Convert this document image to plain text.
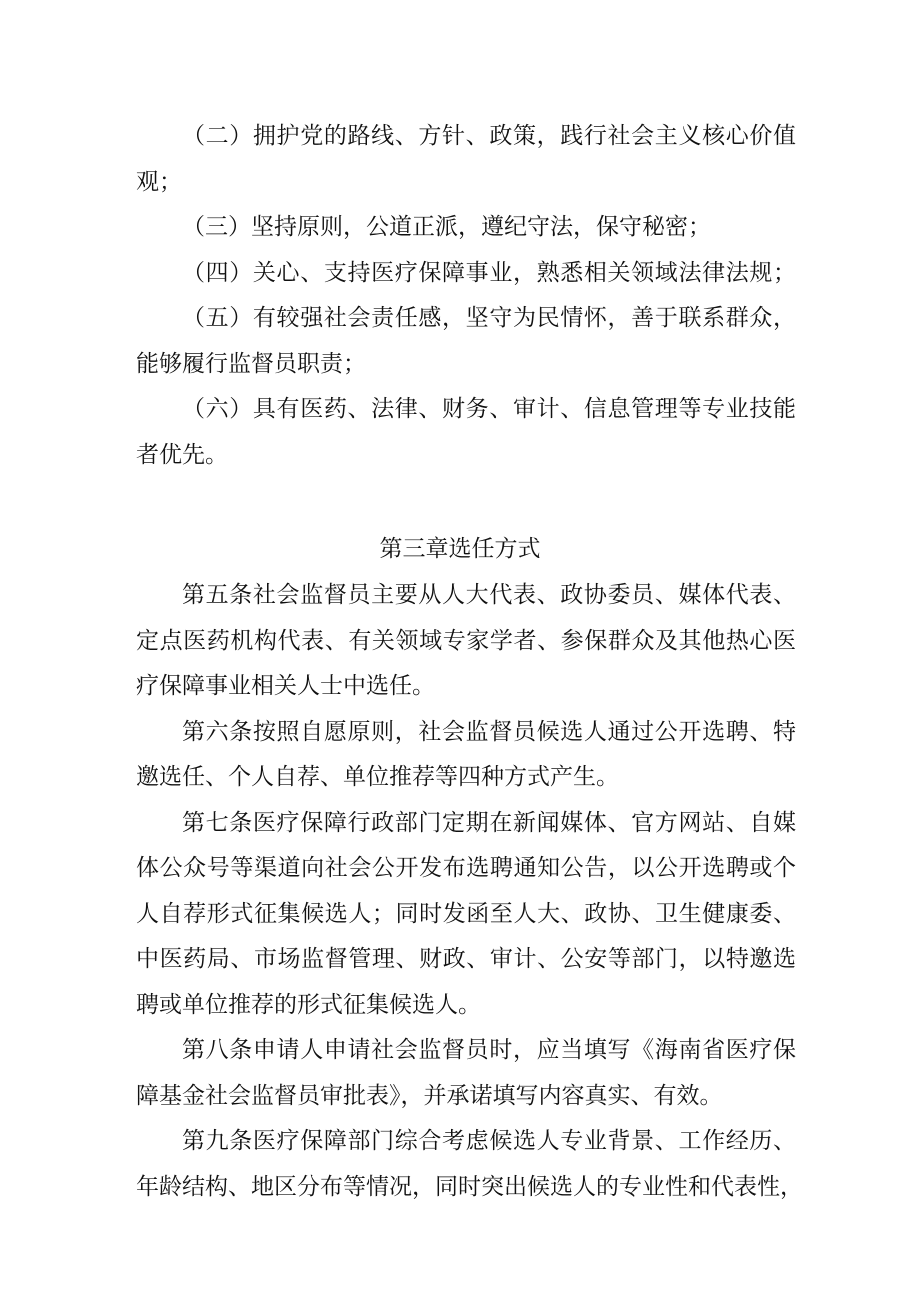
（二）拥护党的路线、方针、政策，践行社会主义核心价值
观；
（三）坚持原则，公道正派，遵纪守法，保守秘密；
（四）关心、支持医疗保障事业，熟悉相关领域法律法规；
（五）有较强社会责任感，坚守为民情怀，善于联系群众，
能够履行监督员职责；
（六）具有医药、法律、财务、审计、信息管理等专业技能
者优先。
第三章选任方式
第五条社会监督员主要从人大代表、政协委员、媒体代表、
定点医药机构代表、有关领域专家学者、参保群众及其他热心医
疗保障事业相关人士中选任。
第六条按照自愿原则，社会监督员候选人通过公开选聘、特
邀选任、个人自荐、单位推荐等四种方式产生。
第七条医疗保障行政部门定期在新闻媒体、官方网站、自媒
体公众号等渠道向社会公开发布选聘通知公告，以公开选聘或个
人自荐形式征集候选人；同时发函至人大、政协、卫生健康委、
中医药局、市场监督管理、财政、审计、公安等部门，以特邀选
聘或单位推荐的形式征集候选人。
第八条申请人申请社会监督员时，应当填写《海南省医疗保
障基金社会监督员审批表》，并承诺填写内容真实、有效。
第九条医疗保障部门综合考虑候选人专业背景、工作经历、
年龄结构、地区分布等情况，同时突出候选人的专业性和代表性，
